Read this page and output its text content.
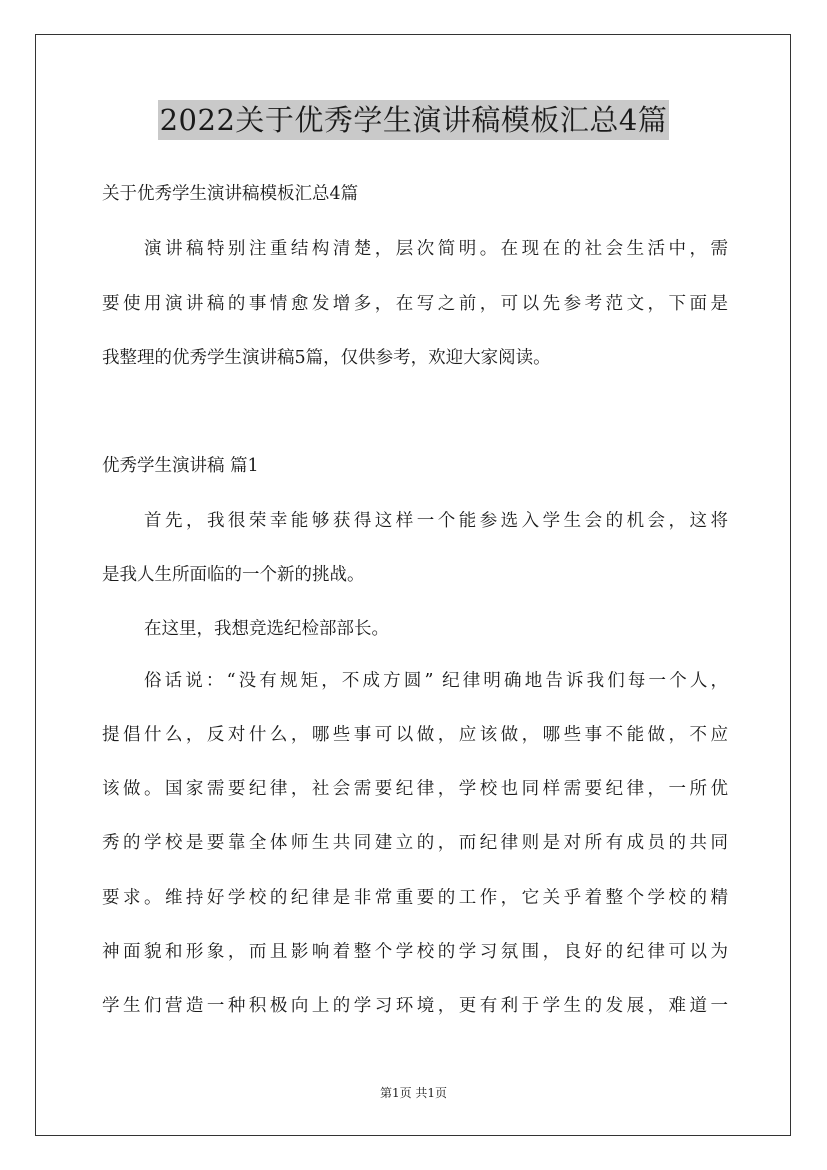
2022关于优秀学生演讲稿模板汇总4篇
关于优秀学生演讲稿模板汇总4篇
演讲稿特别注重结构清楚，层次简明。在现在的社会生活中，需
要使用演讲稿的事情愈发增多，在写之前，可以先参考范文，下面是
我整理的优秀学生演讲稿5篇，仅供参考，欢迎大家阅读。
优秀学生演讲稿 篇1
首先，我很荣幸能够获得这样一个能参选入学生会的机会，这将
是我人生所面临的一个新的挑战。
在这里，我想竞选纪检部部长。
俗话说：“没有规矩，不成方圆” 纪律明确地告诉我们每一个人，
提倡什么，反对什么，哪些事可以做，应该做，哪些事不能做，不应
该做。国家需要纪律，社会需要纪律，学校也同样需要纪律，一所优
秀的学校是要靠全体师生共同建立的，而纪律则是对所有成员的共同
要求。维持好学校的纪律是非常重要的工作，它关乎着整个学校的精
神面貌和形象，而且影响着整个学校的学习氛围，良好的纪律可以为
学生们营造一种积极向上的学习环境，更有利于学生的发展，难道一
第1页 共1页
